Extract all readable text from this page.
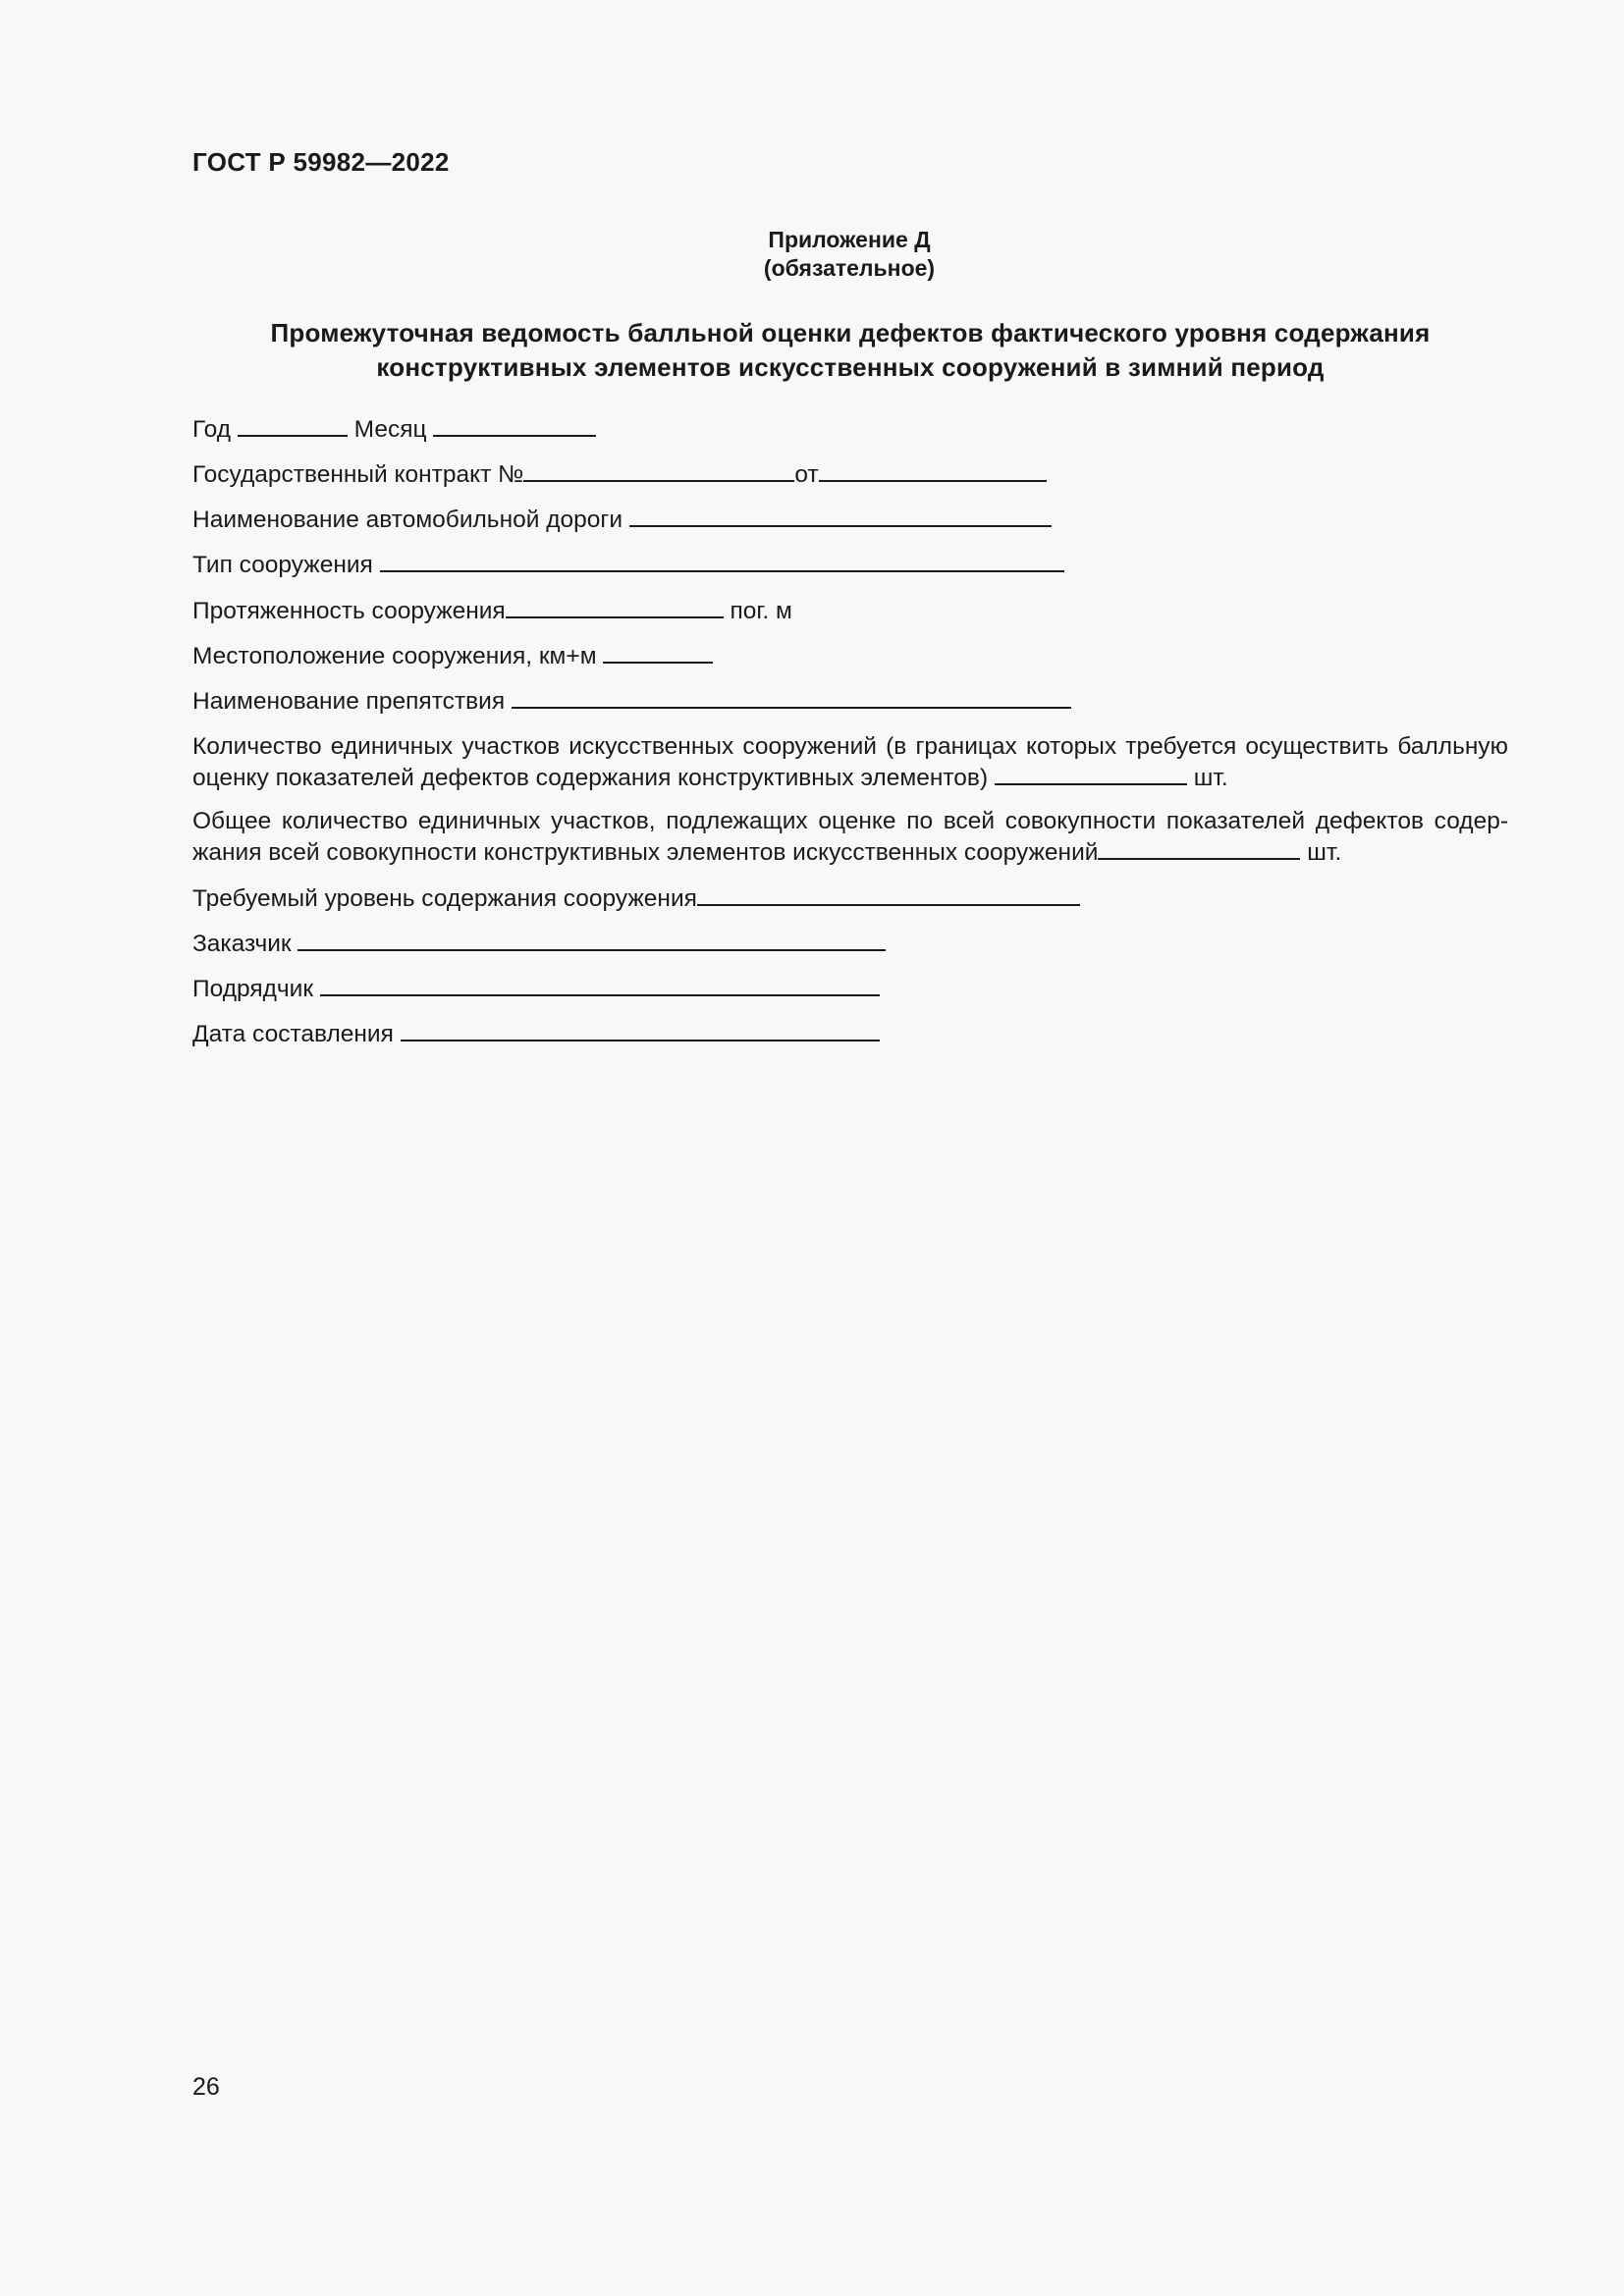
ГОСТ Р 59982—2022
Приложение Д
(обязательное)
Промежуточная ведомость балльной оценки дефектов фактического уровня содержания
конструктивных элементов искусственных сооружений в зимний период
Год	Месяц
Государственный контракт №	от
Наименование автомобильной дороги
Тип сооружения
Протяженность сооружения	пог. м
Местоположение сооружения, км+м
Наименование препятствия
Количество единичных участков искусственных сооружений (в границах которых требуется осуществить балльную
оценку показателей дефектов содержания конструктивных элементов)	шт.
Общее количество единичных участков, подлежащих оценке по всей совокупности показателей дефектов содер-
жания всей совокупности конструктивных элементов искусственных сооружений	шт.
Требуемый уровень содержания сооружения
Заказчик
Подрядчик
Дата составления
26
